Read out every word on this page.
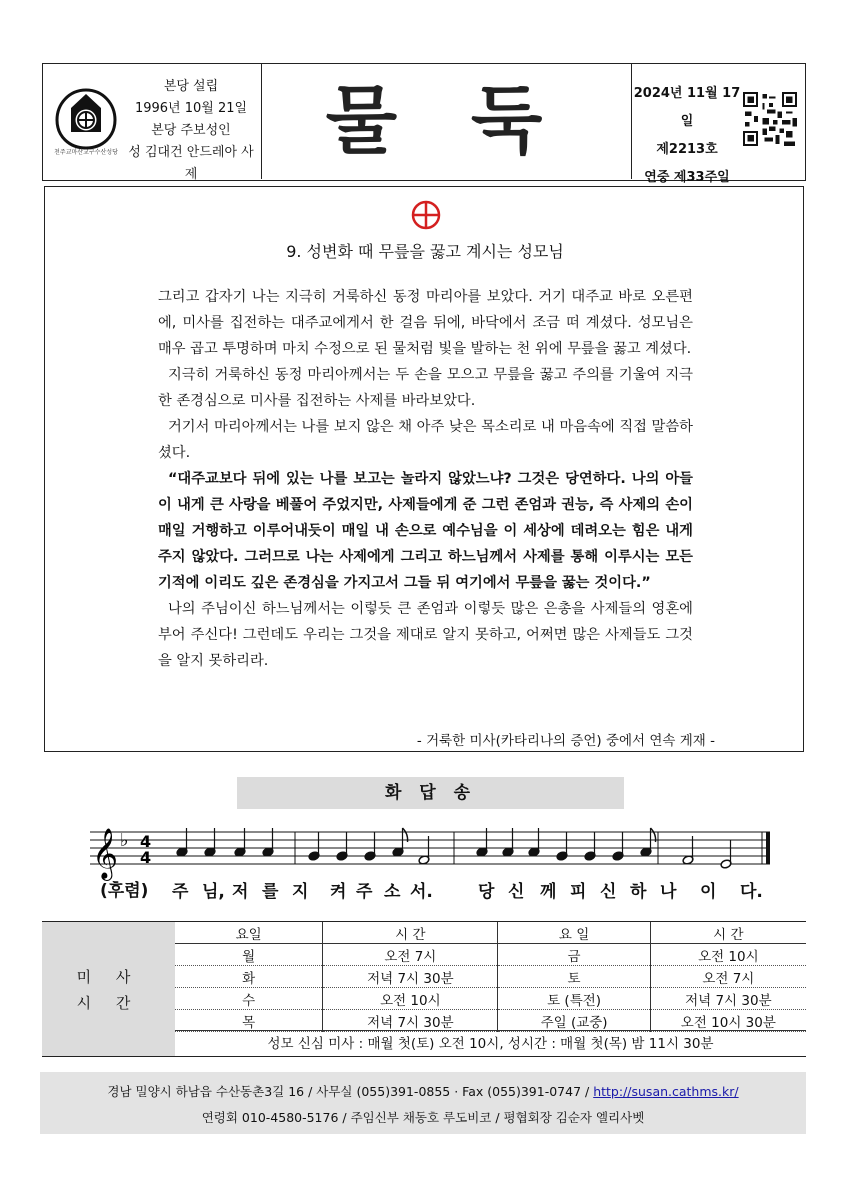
천주교마산교구수산성당
본당 설립
1996년 10월 21일
본당 주보성인
성 김대건 안드레아 사제
물 둑	2024년 11월 17일
제2213호
연중 제33주일
9. 성변화 때 무릎을 꿇고 계시는 성모님

그리고 갑자기 나는 지극히 거룩하신 동정 마리아를 보았다. 거기 대주교 바로 오른편에, 미사를 집전하는 대주교에게서 한 걸음 뒤에, 바닥에서 조금 떠 계셨다. 성모님은 매우 곱고 투명하며 마치 수정으로 된 물처럼 빛을 발하는 천 위에 무릎을 꿇고 계셨다.

지극히 거룩하신 동정 마리아께서는 두 손을 모으고 무릎을 꿇고 주의를 기울여 지극한 존경심으로 미사를 집전하는 사제를 바라보았다.

거기서 마리아께서는 나를 보지 않은 채 아주 낮은 목소리로 내 마음속에 직접 말씀하셨다.

“대주교보다 뒤에 있는 나를 보고는 놀라지 않았느냐? 그것은 당연하다. 나의 아들이 내게 큰 사랑을 베풀어 주었지만, 사제들에게 준 그런 존엄과 권능, 즉 사제의 손이 매일 거행하고 이루어내듯이 매일 내 손으로 예수님을 이 세상에 데려오는 힘은 내게 주지 않았다. 그러므로 나는 사제에게 그리고 하느님께서 사제를 통해 이루시는 모든 기적에 이리도 깊은 존경심을 가지고서 그들 뒤 여기에서 무릎을 꿇는 것이다.”

나의 주님이신 하느님께서는 이렇듯 큰 존엄과 이렇듯 많은 은총을 사제들의 영혼에 부어 주신다! 그런데도 우리는 그것을 제대로 알지 못하고, 어쩌면 많은 사제들도 그것을 알지 못하리라.

- 거룩한 미사(카타리나의 증언) 중에서 연속 게재 -
화 답 송
𝄞 ♭ 4
4
(후렴) 주 님, 저 를 지 켜 주 소 서.	당 신 께 피 신 하 나 이 다.
미 사
시 간
요일	시 간	요 일	시 간
월	오전 7시	금	오전 10시
화	저녁 7시 30분	토	오전 7시
수	오전 10시	토 (특전)	저녁 7시 30분
목	저녁 7시 30분	주일 (교중)	오전 10시 30분
성모 신심 미사 : 매월 첫(토) 오전 10시, 성시간 : 매월 첫(목) 밤 11시 30분
경남 밀양시 하남읍 수산동촌3길 16 / 사무실 (055)391-0855 · Fax (055)391-0747 / http://susan.cathms.kr/
연령회 010-4580-5176 / 주임신부 채동호 루도비코 / 평협회장 김순자 엘리사벳
